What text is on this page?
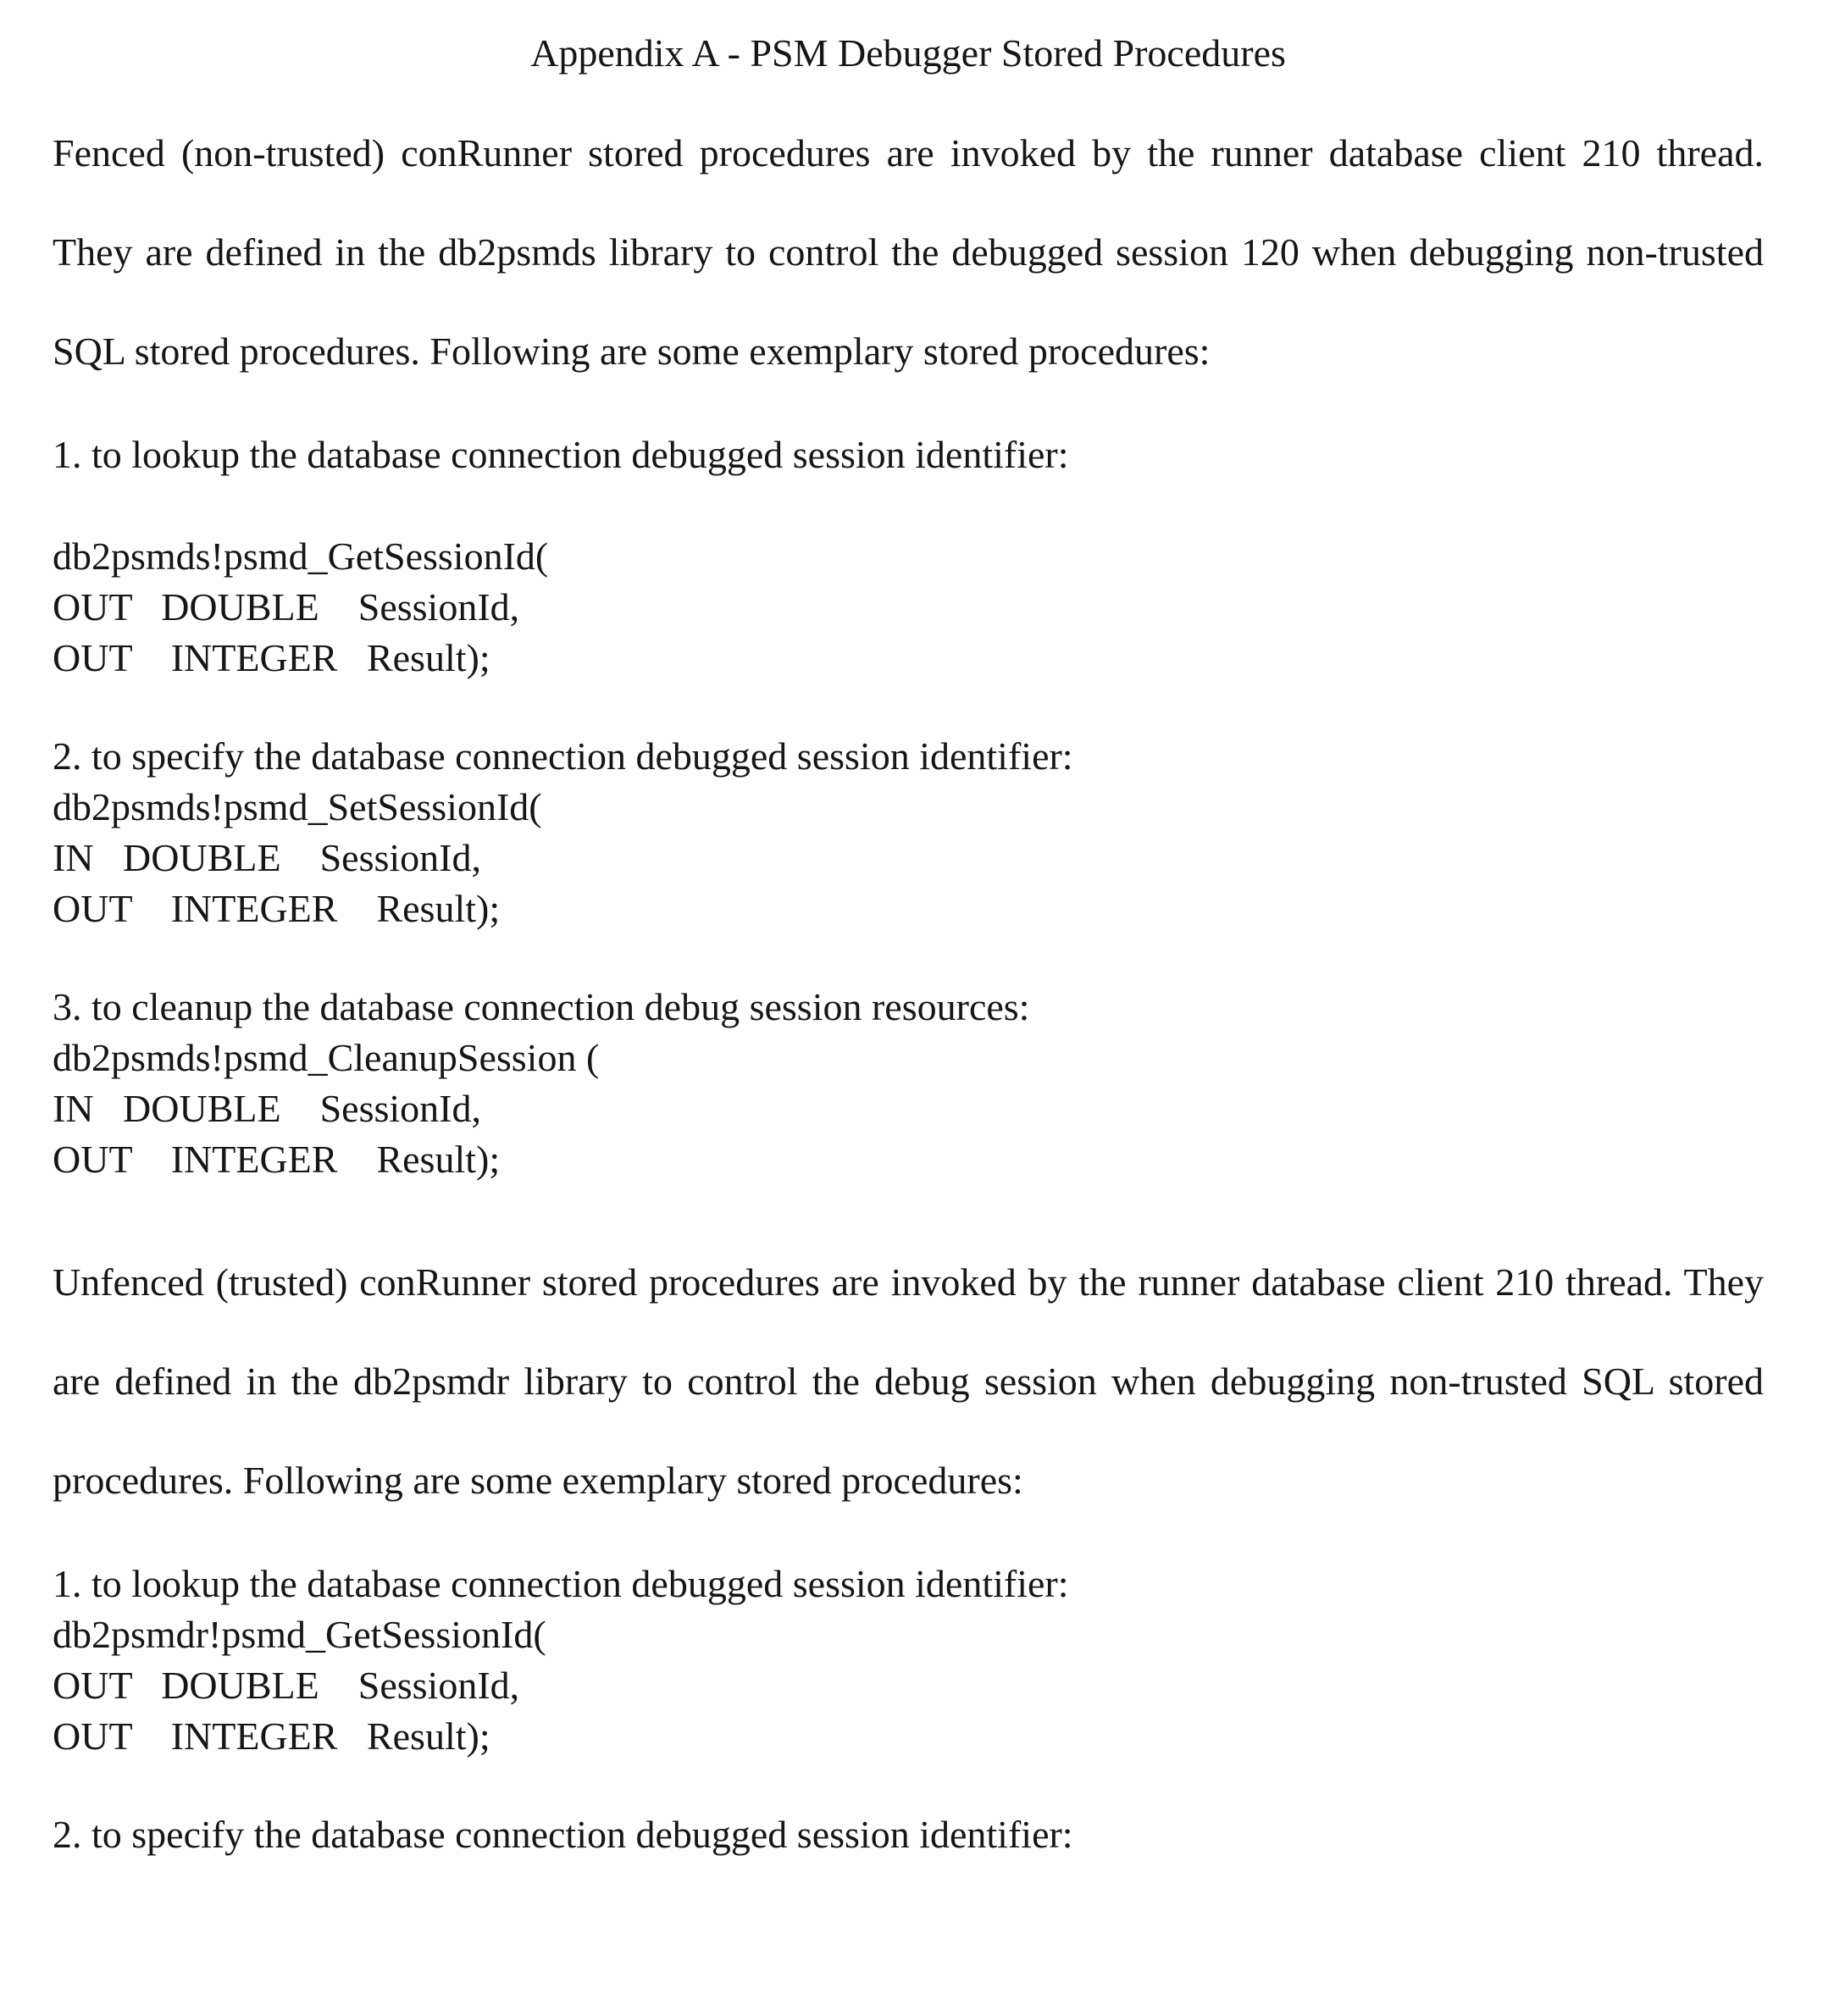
Appendix A - PSM Debugger Stored Procedures
Fenced (non-trusted) conRunner stored procedures are invoked by the runner database client 210 thread. They are defined in the db2psmds library to control the debugged session 120 when debugging non-trusted SQL stored procedures. Following are some exemplary stored procedures:
1. to lookup the database connection debugged session identifier:
db2psmds!psmd_GetSessionId(
OUT   DOUBLE    SessionId,
OUT    INTEGER   Result);
2. to specify the database connection debugged session identifier:
db2psmds!psmd_SetSessionId(
IN   DOUBLE    SessionId,
OUT    INTEGER    Result);
3. to cleanup the database connection debug session resources:
db2psmds!psmd_CleanupSession (
IN   DOUBLE    SessionId,
OUT    INTEGER    Result);
Unfenced (trusted) conRunner stored procedures are invoked by the runner database client 210 thread. They are defined in the db2psmdr library to control the debug session when debugging non-trusted SQL stored procedures. Following are some exemplary stored procedures:
1. to lookup the database connection debugged session identifier:
db2psmdr!psmd_GetSessionId(
OUT   DOUBLE    SessionId,
OUT    INTEGER   Result);
2. to specify the database connection debugged session identifier:
